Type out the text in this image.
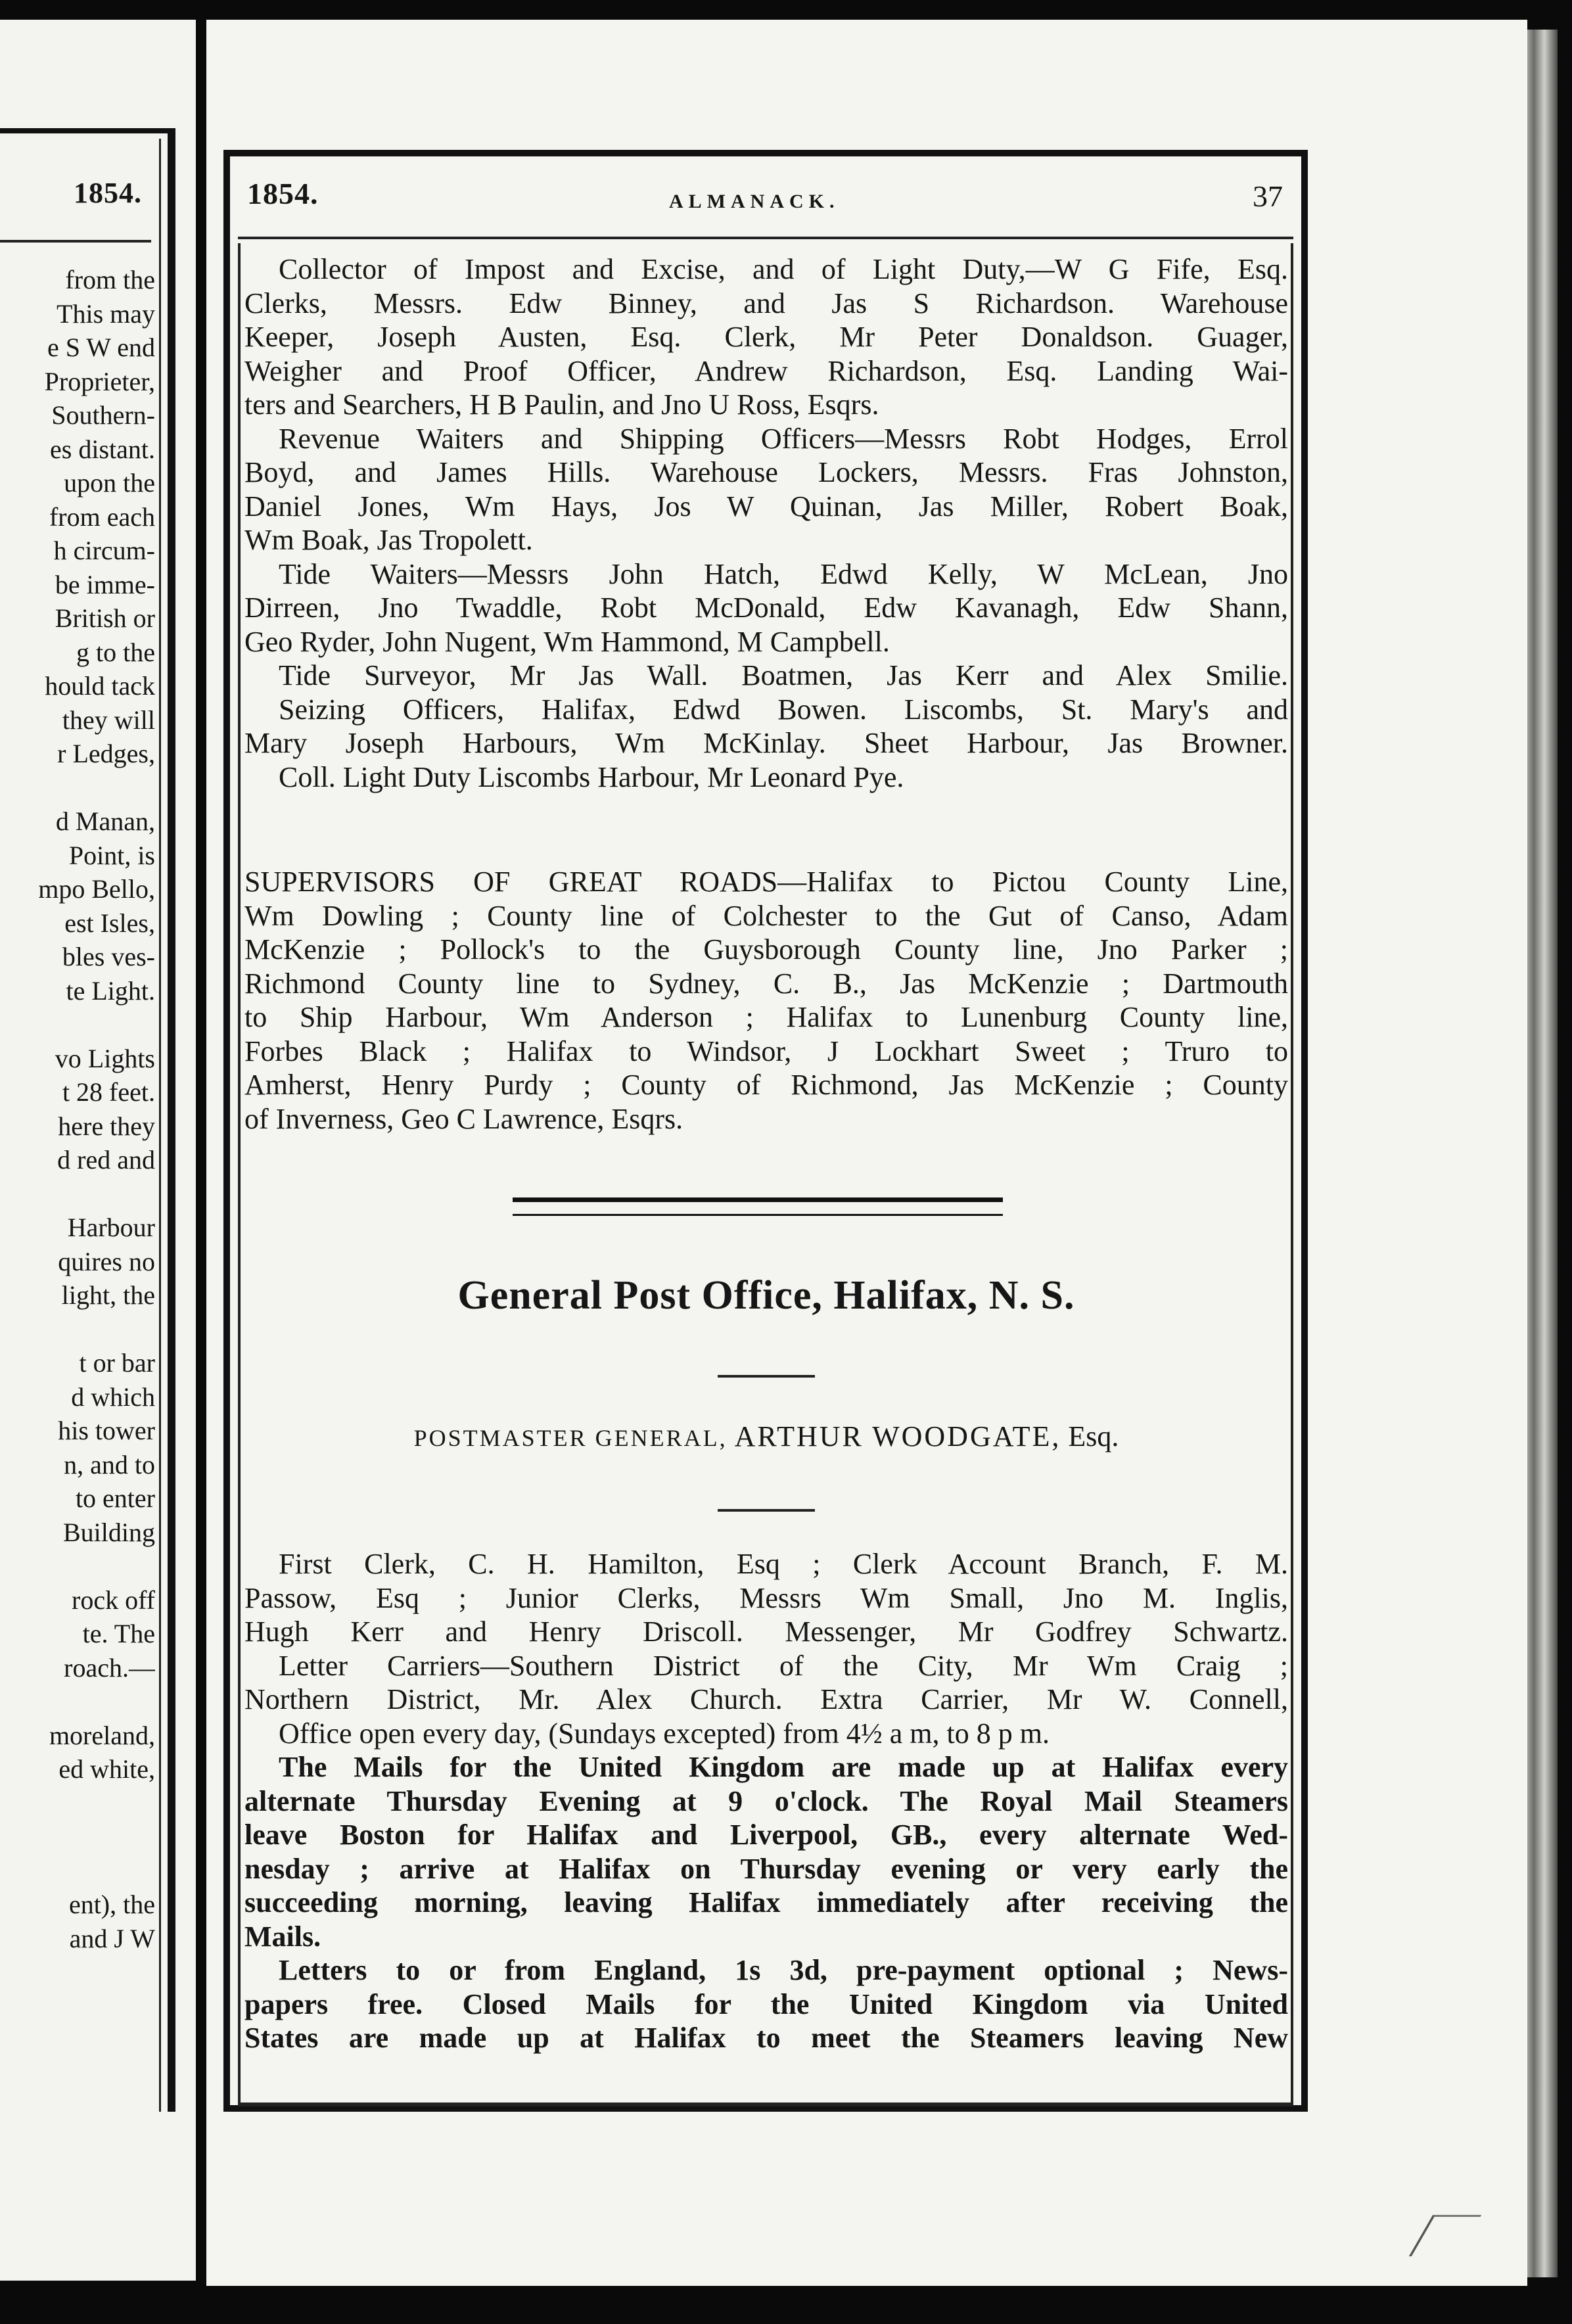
1854.
from the
This may
e S W end
Proprieter,
Southern-
es distant.
upon the
from each
h circum-
be imme-
British or
g to the
hould tack
they will
r Ledges,
d Manan,
Point, is
mpo Bello,
est Isles,
bles ves-
te Light.
vo Lights
t 28 feet.
here they
d red and
Harbour
quires no
light, the
t or bar
d which
his tower
n, and to
to enter
Building
rock off
te. The
roach.—
moreland,
ed white,
ent), the
and J W
1854.	ALMANACK.	37
Collector of Impost and Excise, and of Light Duty,—W G Fife, Esq.
Clerks, Messrs. Edw Binney, and Jas S Richardson. Warehouse
Keeper, Joseph Austen, Esq. Clerk, Mr Peter Donaldson. Guager,
Weigher and Proof Officer, Andrew Richardson, Esq. Landing Wai-
ters and Searchers, H B Paulin, and Jno U Ross, Esqrs.
Revenue Waiters and Shipping Officers—Messrs Robt Hodges, Errol
Boyd, and James Hills. Warehouse Lockers, Messrs. Fras Johnston,
Daniel Jones, Wm Hays, Jos W Quinan, Jas Miller, Robert Boak,
Wm Boak, Jas Tropolett.
Tide Waiters—Messrs John Hatch, Edwd Kelly, W McLean, Jno
Dirreen, Jno Twaddle, Robt McDonald, Edw Kavanagh, Edw Shann,
Geo Ryder, John Nugent, Wm Hammond, M Campbell.
Tide Surveyor, Mr Jas Wall. Boatmen, Jas Kerr and Alex Smilie.
Seizing Officers, Halifax, Edwd Bowen. Liscombs, St. Mary's and
Mary Joseph Harbours, Wm McKinlay. Sheet Harbour, Jas Browner.
Coll. Light Duty Liscombs Harbour, Mr Leonard Pye.
SUPERVISORS OF GREAT ROADS—Halifax to Pictou County Line,
Wm Dowling ; County line of Colchester to the Gut of Canso, Adam
McKenzie ; Pollock's to the Guysborough County line, Jno Parker ;
Richmond County line to Sydney, C. B., Jas McKenzie ; Dartmouth
to Ship Harbour, Wm Anderson ; Halifax to Lunenburg County line,
Forbes Black ; Halifax to Windsor, J Lockhart Sweet ; Truro to
Amherst, Henry Purdy ; County of Richmond, Jas McKenzie ; County
of Inverness, Geo C Lawrence, Esqrs.
General Post Office, Halifax, N. S.
POSTMASTER GENERAL, ARTHUR WOODGATE, Esq.
First Clerk, C. H. Hamilton, Esq ; Clerk Account Branch, F. M.
Passow, Esq ; Junior Clerks, Messrs Wm Small, Jno M. Inglis,
Hugh Kerr and Henry Driscoll. Messenger, Mr Godfrey Schwartz.
Letter Carriers—Southern District of the City, Mr Wm Craig ;
Northern District, Mr. Alex Church. Extra Carrier, Mr W. Connell,
Office open every day, (Sundays excepted) from 4½ a m, to 8 p m.
The Mails for the United Kingdom are made up at Halifax every
alternate Thursday Evening at 9 o'clock. The Royal Mail Steamers
leave Boston for Halifax and Liverpool, GB., every alternate Wed-
nesday ; arrive at Halifax on Thursday evening or very early the
succeeding morning, leaving Halifax immediately after receiving the
Mails.
Letters to or from England, 1s 3d, pre-payment optional ; News-
papers free. Closed Mails for the United Kingdom via United
States are made up at Halifax to meet the Steamers leaving New
